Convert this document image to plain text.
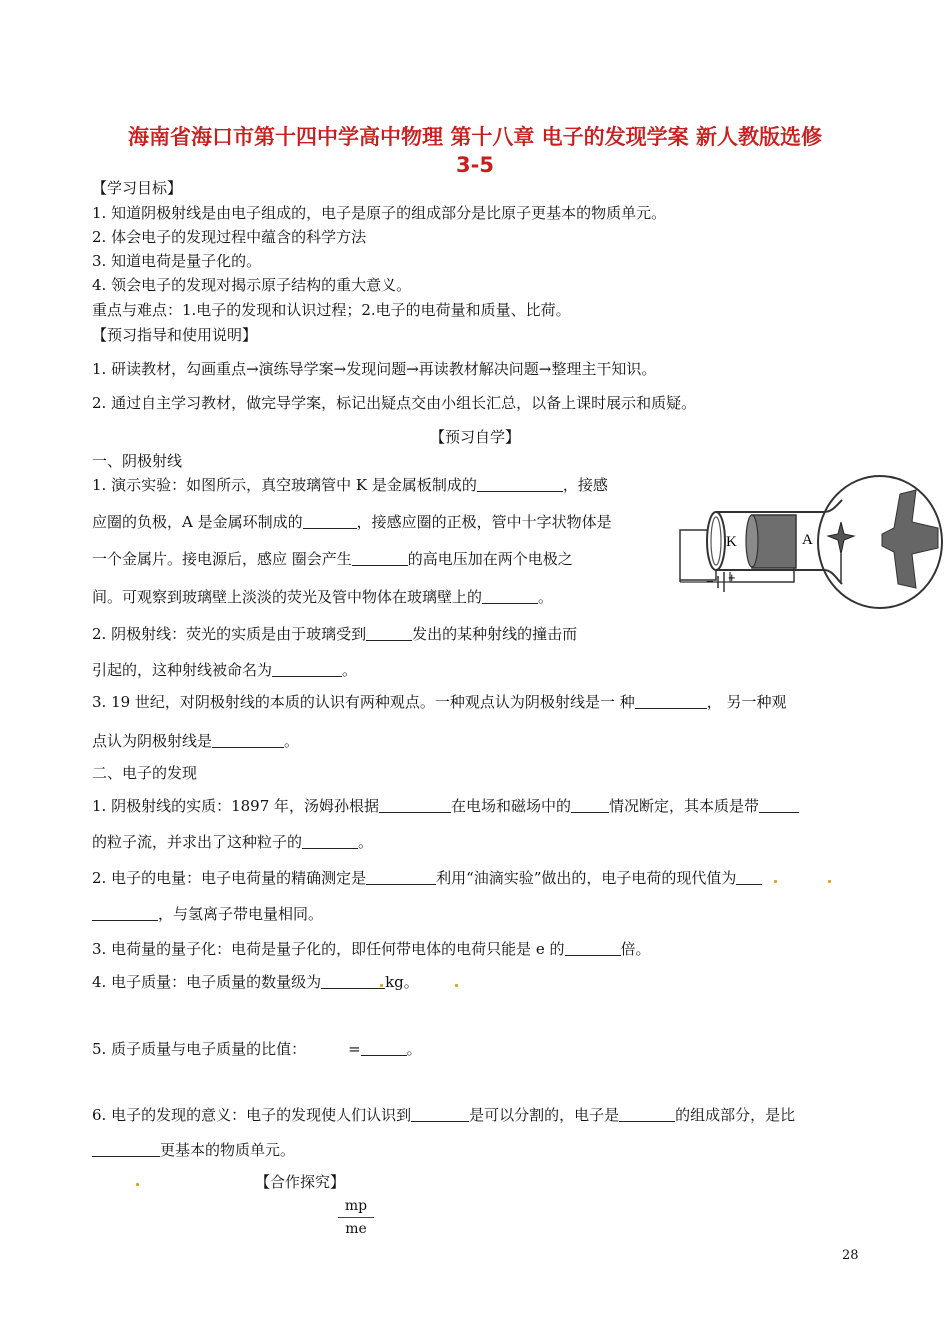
海南省海口市第十四中学高中物理 第十八章 电子的发现学案 新人教版选修
3-5
【学习目标】
1. 知道阴极射线是由电子组成的，电子是原子的组成部分是比原子更基本的物质单元。
2. 体会电子的发现过程中蕴含的科学方法
3. 知道电荷是量子化的。
4. 领会电子的发现对揭示原子结构的重大意义。
重点与难点：1.电子的发现和认识过程；2.电子的电荷量和质量、比荷。
【预习指导和使用说明】
1. 研读教材，勾画重点→演练导学案→发现问题→再读教材解决问题→整理主干知识。
2. 通过自主学习教材，做完导学案，标记出疑点交由小组长汇总，以备上课时展示和质疑。
【预习自学】
一、阴极射线
1. 演示实验：如图所示，真空玻璃管中 K 是金属板制成的	，接感
应圈的负极，A 是金属环制成的	，接感应圈的正极，管中十字状物体是
一个金属片。接电源后，感应 圈会产生	的高电压加在两个电极之
间。可观察到玻璃壁上淡淡的荧光及管中物体在玻璃壁上的	。
K	A
− +
2. 阴极射线：荧光的实质是由于玻璃受到	发出的某种射线的撞击而
引起的，这种射线被命名为	。
3. 19 世纪，对阴极射线的本质的认识有两种观点。一种观点认为阴极射线是一 种	， 另一种观
点认为阴极射线是	。
二、电子的发现
1. 阴极射线的实质：1897 年，汤姆孙根据	在电场和磁场中的	情况断定，其本质是带
的粒子流，并求出了这种粒子的	。
2. 电子的电量：电子电荷量的精确测定是	利用“油滴实验”做出的，电子电荷的现代值为
，与氢离子带电量相同。
3. 电荷量的量子化：电荷是量子化的，即任何带电体的电荷只能是 e 的	倍。
4. 电子质量：电子质量的数量级为	kg。
5. 质子质量与电子质量的比值：	=	。
6. 电子的发现的意义：电子的发现使人们认识到	是可以分割的，电子是	的组成部分，是比
更基本的物质单元。
【合作探究】
mp
me
28
